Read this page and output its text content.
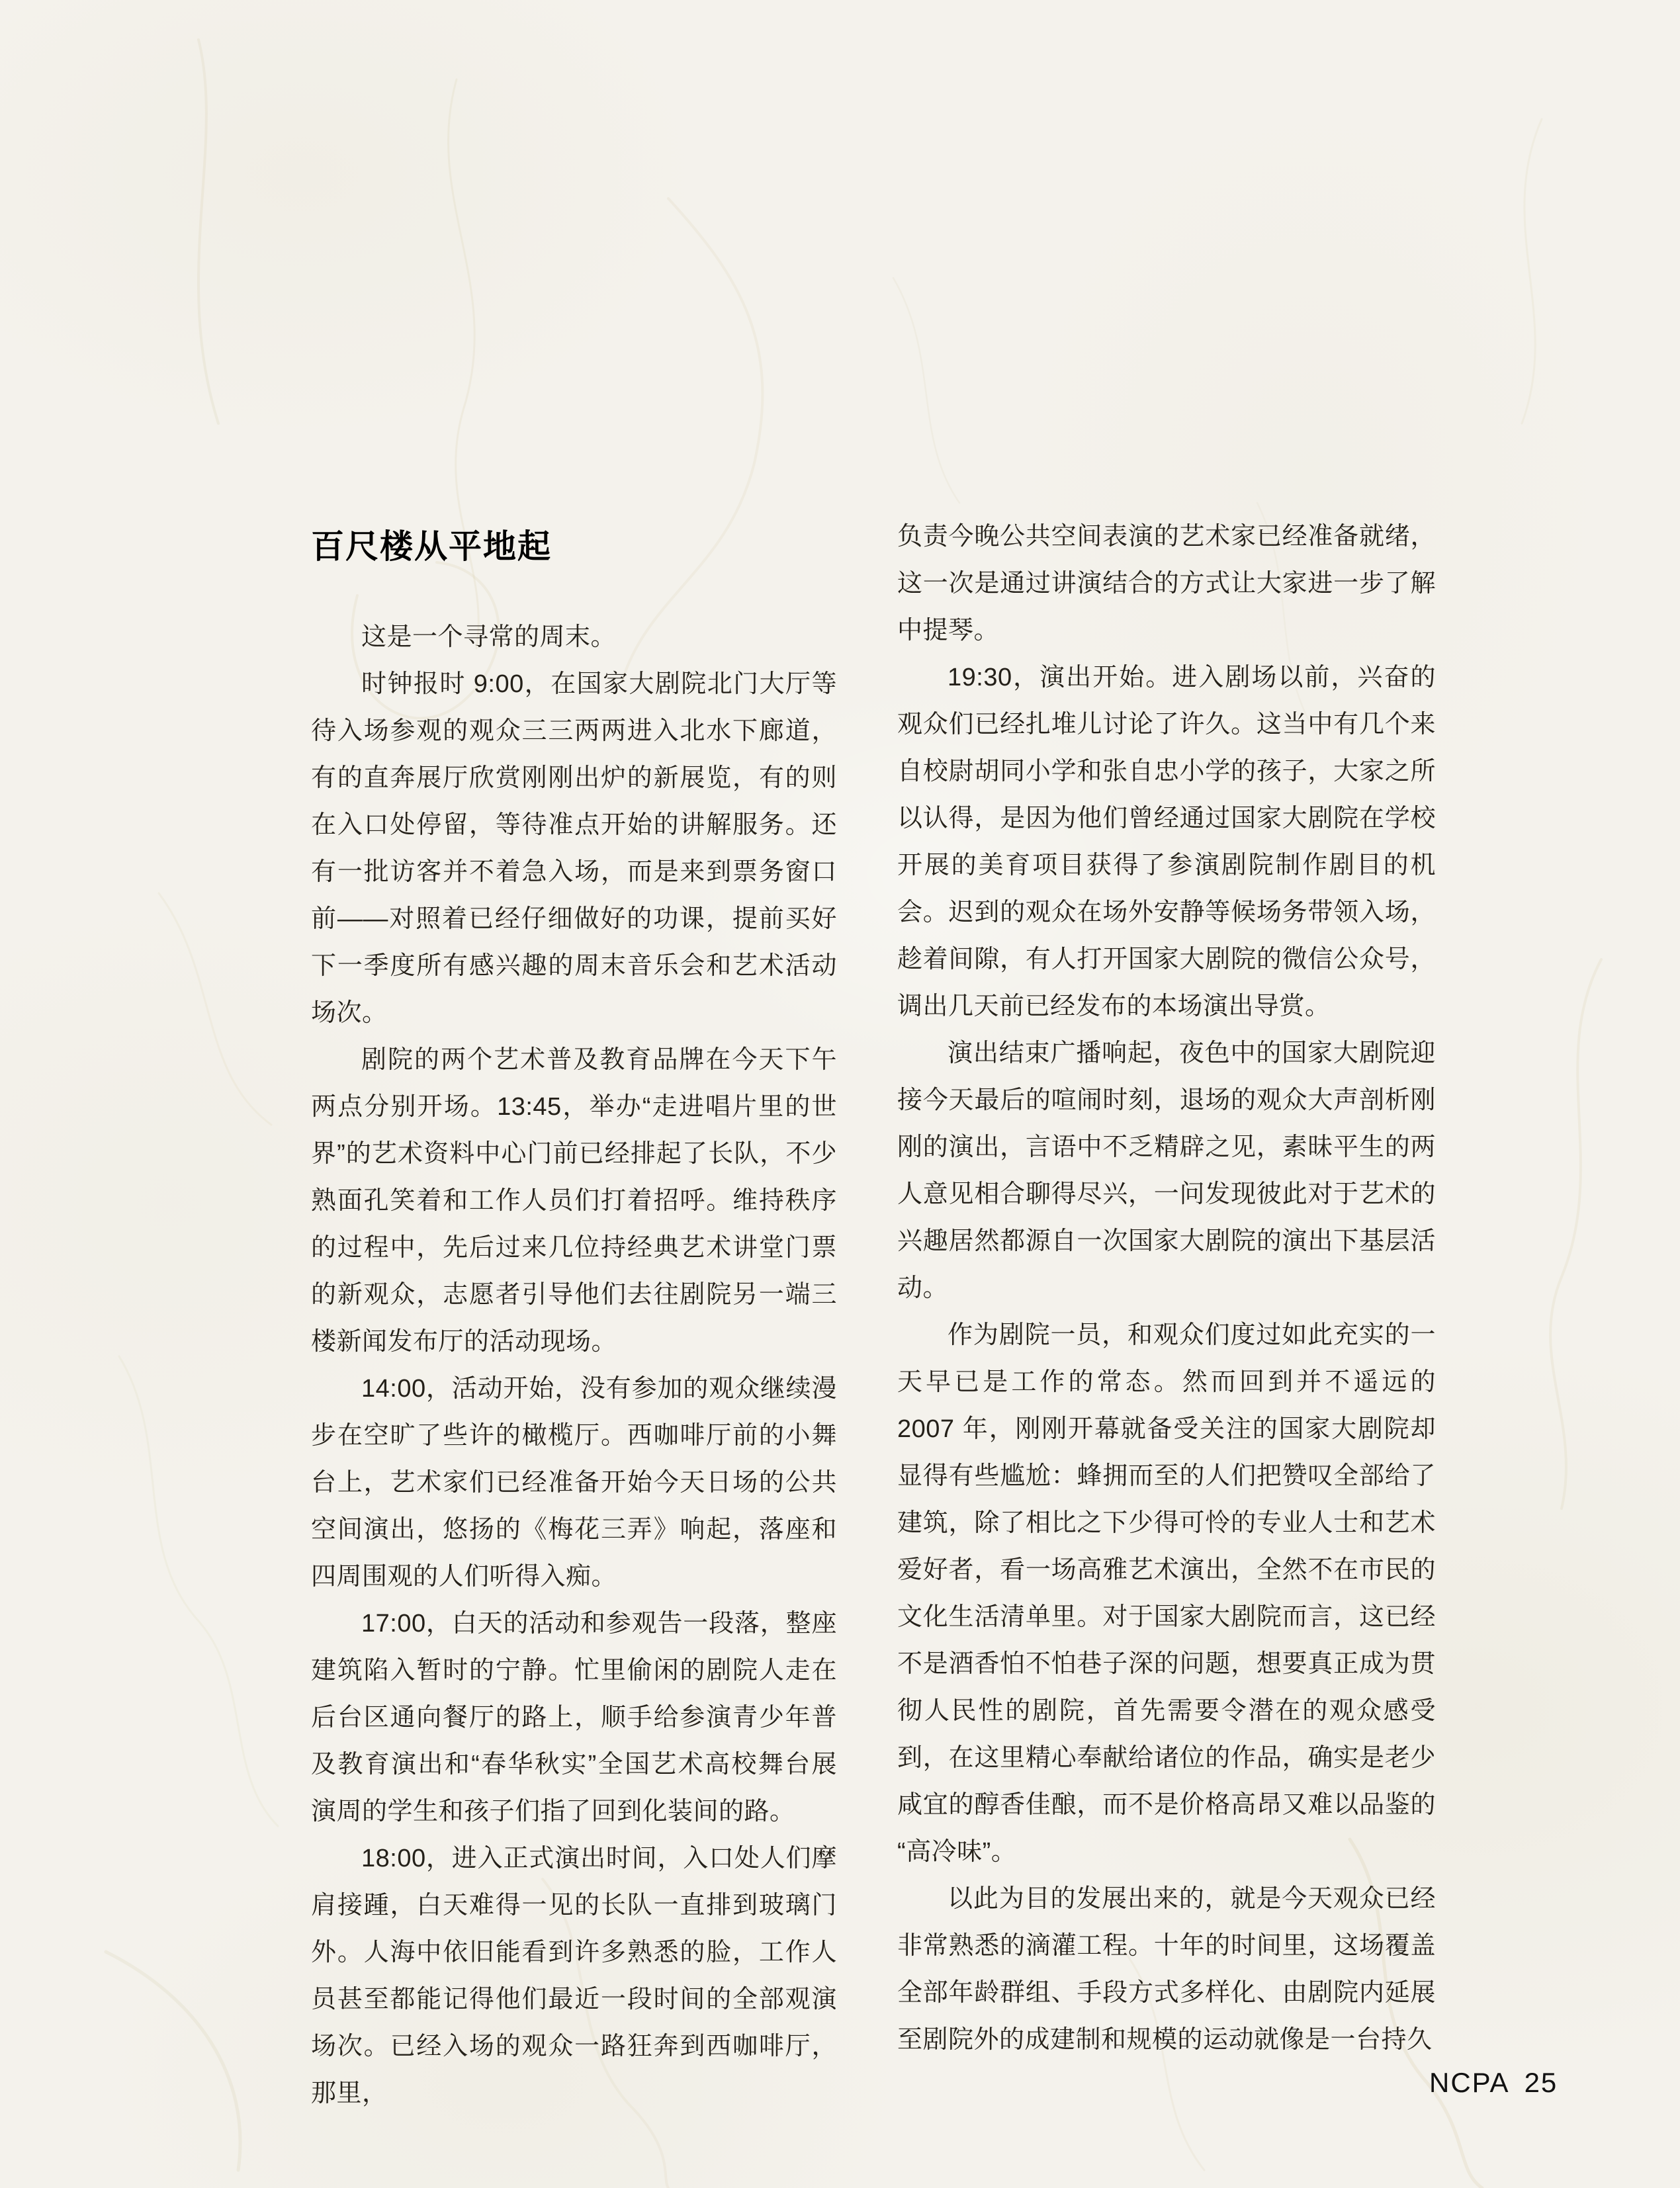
百尺楼从平地起

这是一个寻常的周末。

时钟报时 9:00，在国家大剧院北门大厅等待入场参观的观众三三两两进入北水下廊道，有的直奔展厅欣赏刚刚出炉的新展览，有的则在入口处停留，等待准点开始的讲解服务。还有一批访客并不着急入场，而是来到票务窗口前——对照着已经仔细做好的功课，提前买好下一季度所有感兴趣的周末音乐会和艺术活动场次。

剧院的两个艺术普及教育品牌在今天下午两点分别开场。13:45，举办“走进唱片里的世界”的艺术资料中心门前已经排起了长队，不少熟面孔笑着和工作人员们打着招呼。维持秩序的过程中，先后过来几位持经典艺术讲堂门票的新观众，志愿者引导他们去往剧院另一端三楼新闻发布厅的活动现场。

14:00，活动开始，没有参加的观众继续漫步在空旷了些许的橄榄厅。西咖啡厅前的小舞台上，艺术家们已经准备开始今天日场的公共空间演出，悠扬的《梅花三弄》响起，落座和四周围观的人们听得入痴。

17:00，白天的活动和参观告一段落，整座建筑陷入暂时的宁静。忙里偷闲的剧院人走在后台区通向餐厅的路上，顺手给参演青少年普及教育演出和“春华秋实”全国艺术高校舞台展演周的学生和孩子们指了回到化装间的路。

18:00，进入正式演出时间，入口处人们摩肩接踵，白天难得一见的长队一直排到玻璃门外。人海中依旧能看到许多熟悉的脸，工作人员甚至都能记得他们最近一段时间的全部观演场次。已经入场的观众一路狂奔到西咖啡厅，那里，

负责今晚公共空间表演的艺术家已经准备就绪，这一次是通过讲演结合的方式让大家进一步了解中提琴。

19:30，演出开始。进入剧场以前，兴奋的观众们已经扎堆儿讨论了许久。这当中有几个来自校尉胡同小学和张自忠小学的孩子，大家之所以认得，是因为他们曾经通过国家大剧院在学校开展的美育项目获得了参演剧院制作剧目的机会。迟到的观众在场外安静等候场务带领入场，趁着间隙，有人打开国家大剧院的微信公众号，调出几天前已经发布的本场演出导赏。

演出结束广播响起，夜色中的国家大剧院迎接今天最后的喧闹时刻，退场的观众大声剖析刚刚的演出，言语中不乏精辟之见，素昧平生的两人意见相合聊得尽兴，一问发现彼此对于艺术的兴趣居然都源自一次国家大剧院的演出下基层活动。

作为剧院一员，和观众们度过如此充实的一天早已是工作的常态。然而回到并不遥远的 2007 年，刚刚开幕就备受关注的国家大剧院却显得有些尴尬：蜂拥而至的人们把赞叹全部给了建筑，除了相比之下少得可怜的专业人士和艺术爱好者，看一场高雅艺术演出，全然不在市民的文化生活清单里。对于国家大剧院而言，这已经不是酒香怕不怕巷子深的问题，想要真正成为贯彻人民性的剧院，首先需要令潜在的观众感受到，在这里精心奉献给诸位的作品，确实是老少咸宜的醇香佳酿，而不是价格高昂又难以品鉴的“高冷味”。

以此为目的发展出来的，就是今天观众已经非常熟悉的滴灌工程。十年的时间里，这场覆盖全部年龄群组、手段方式多样化、由剧院内延展至剧院外的成建制和规模的运动就像是一台持久

NCPA 25
